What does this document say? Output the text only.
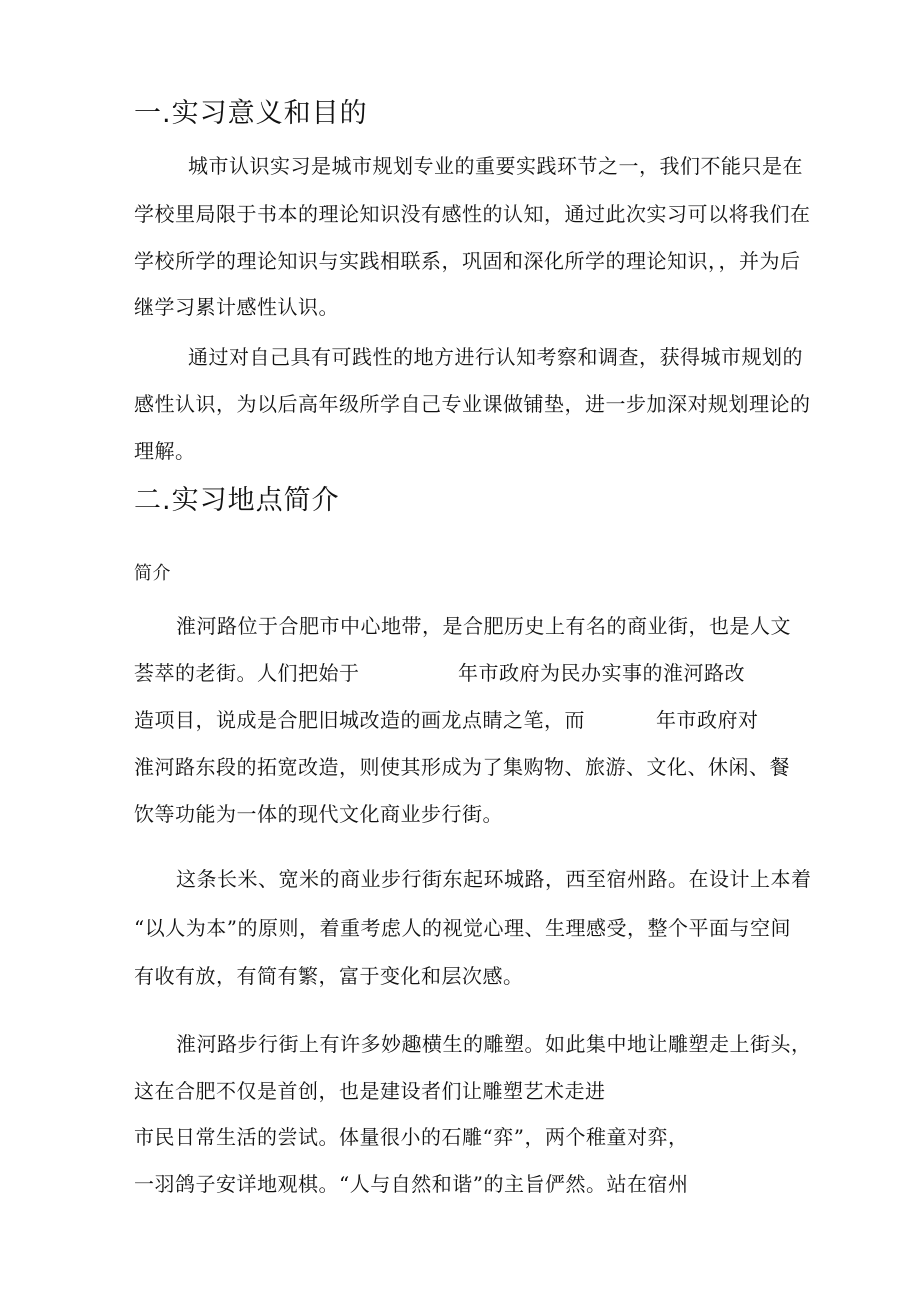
一.实习意义和目的
城市认识实习是城市规划专业的重要实践环节之一，我们不能只是在
学校里局限于书本的理论知识没有感性的认知，通过此次实习可以将我们在
学校所学的理论知识与实践相联系，巩固和深化所学的理论知识，，并为后
继学习累计感性认识。
通过对自己具有可践性的地方进行认知考察和调查，获得城市规划的
感性认识，为以后高年级所学自己专业课做铺垫，进一步加深对规划理论的
理解。
二.实习地点简介
简介
淮河路位于合肥市中心地带，是合肥历史上有名的商业街，也是人文
荟萃的老街。人们把始于	年市政府为民办实事的淮河路改
造项目，说成是合肥旧城改造的画龙点睛之笔，而	年市政府对
淮河路东段的拓宽改造，则使其形成为了集购物、旅游、文化、休闲、餐
饮等功能为一体的现代文化商业步行街。
这条长米、宽米的商业步行街东起环城路，西至宿州路。在设计上本着
“以人为本”的原则，着重考虑人的视觉心理、生理感受，整个平面与空间
有收有放，有简有繁，富于变化和层次感。
淮河路步行街上有许多妙趣横生的雕塑。如此集中地让雕塑走上街头，
这在合肥不仅是首创，也是建设者们让雕塑艺术走进
市民日常生活的尝试。体量很小的石雕“弈”，两个稚童对弈，
一羽鸽子安详地观棋。“人与自然和谐”的主旨俨然。站在宿州
